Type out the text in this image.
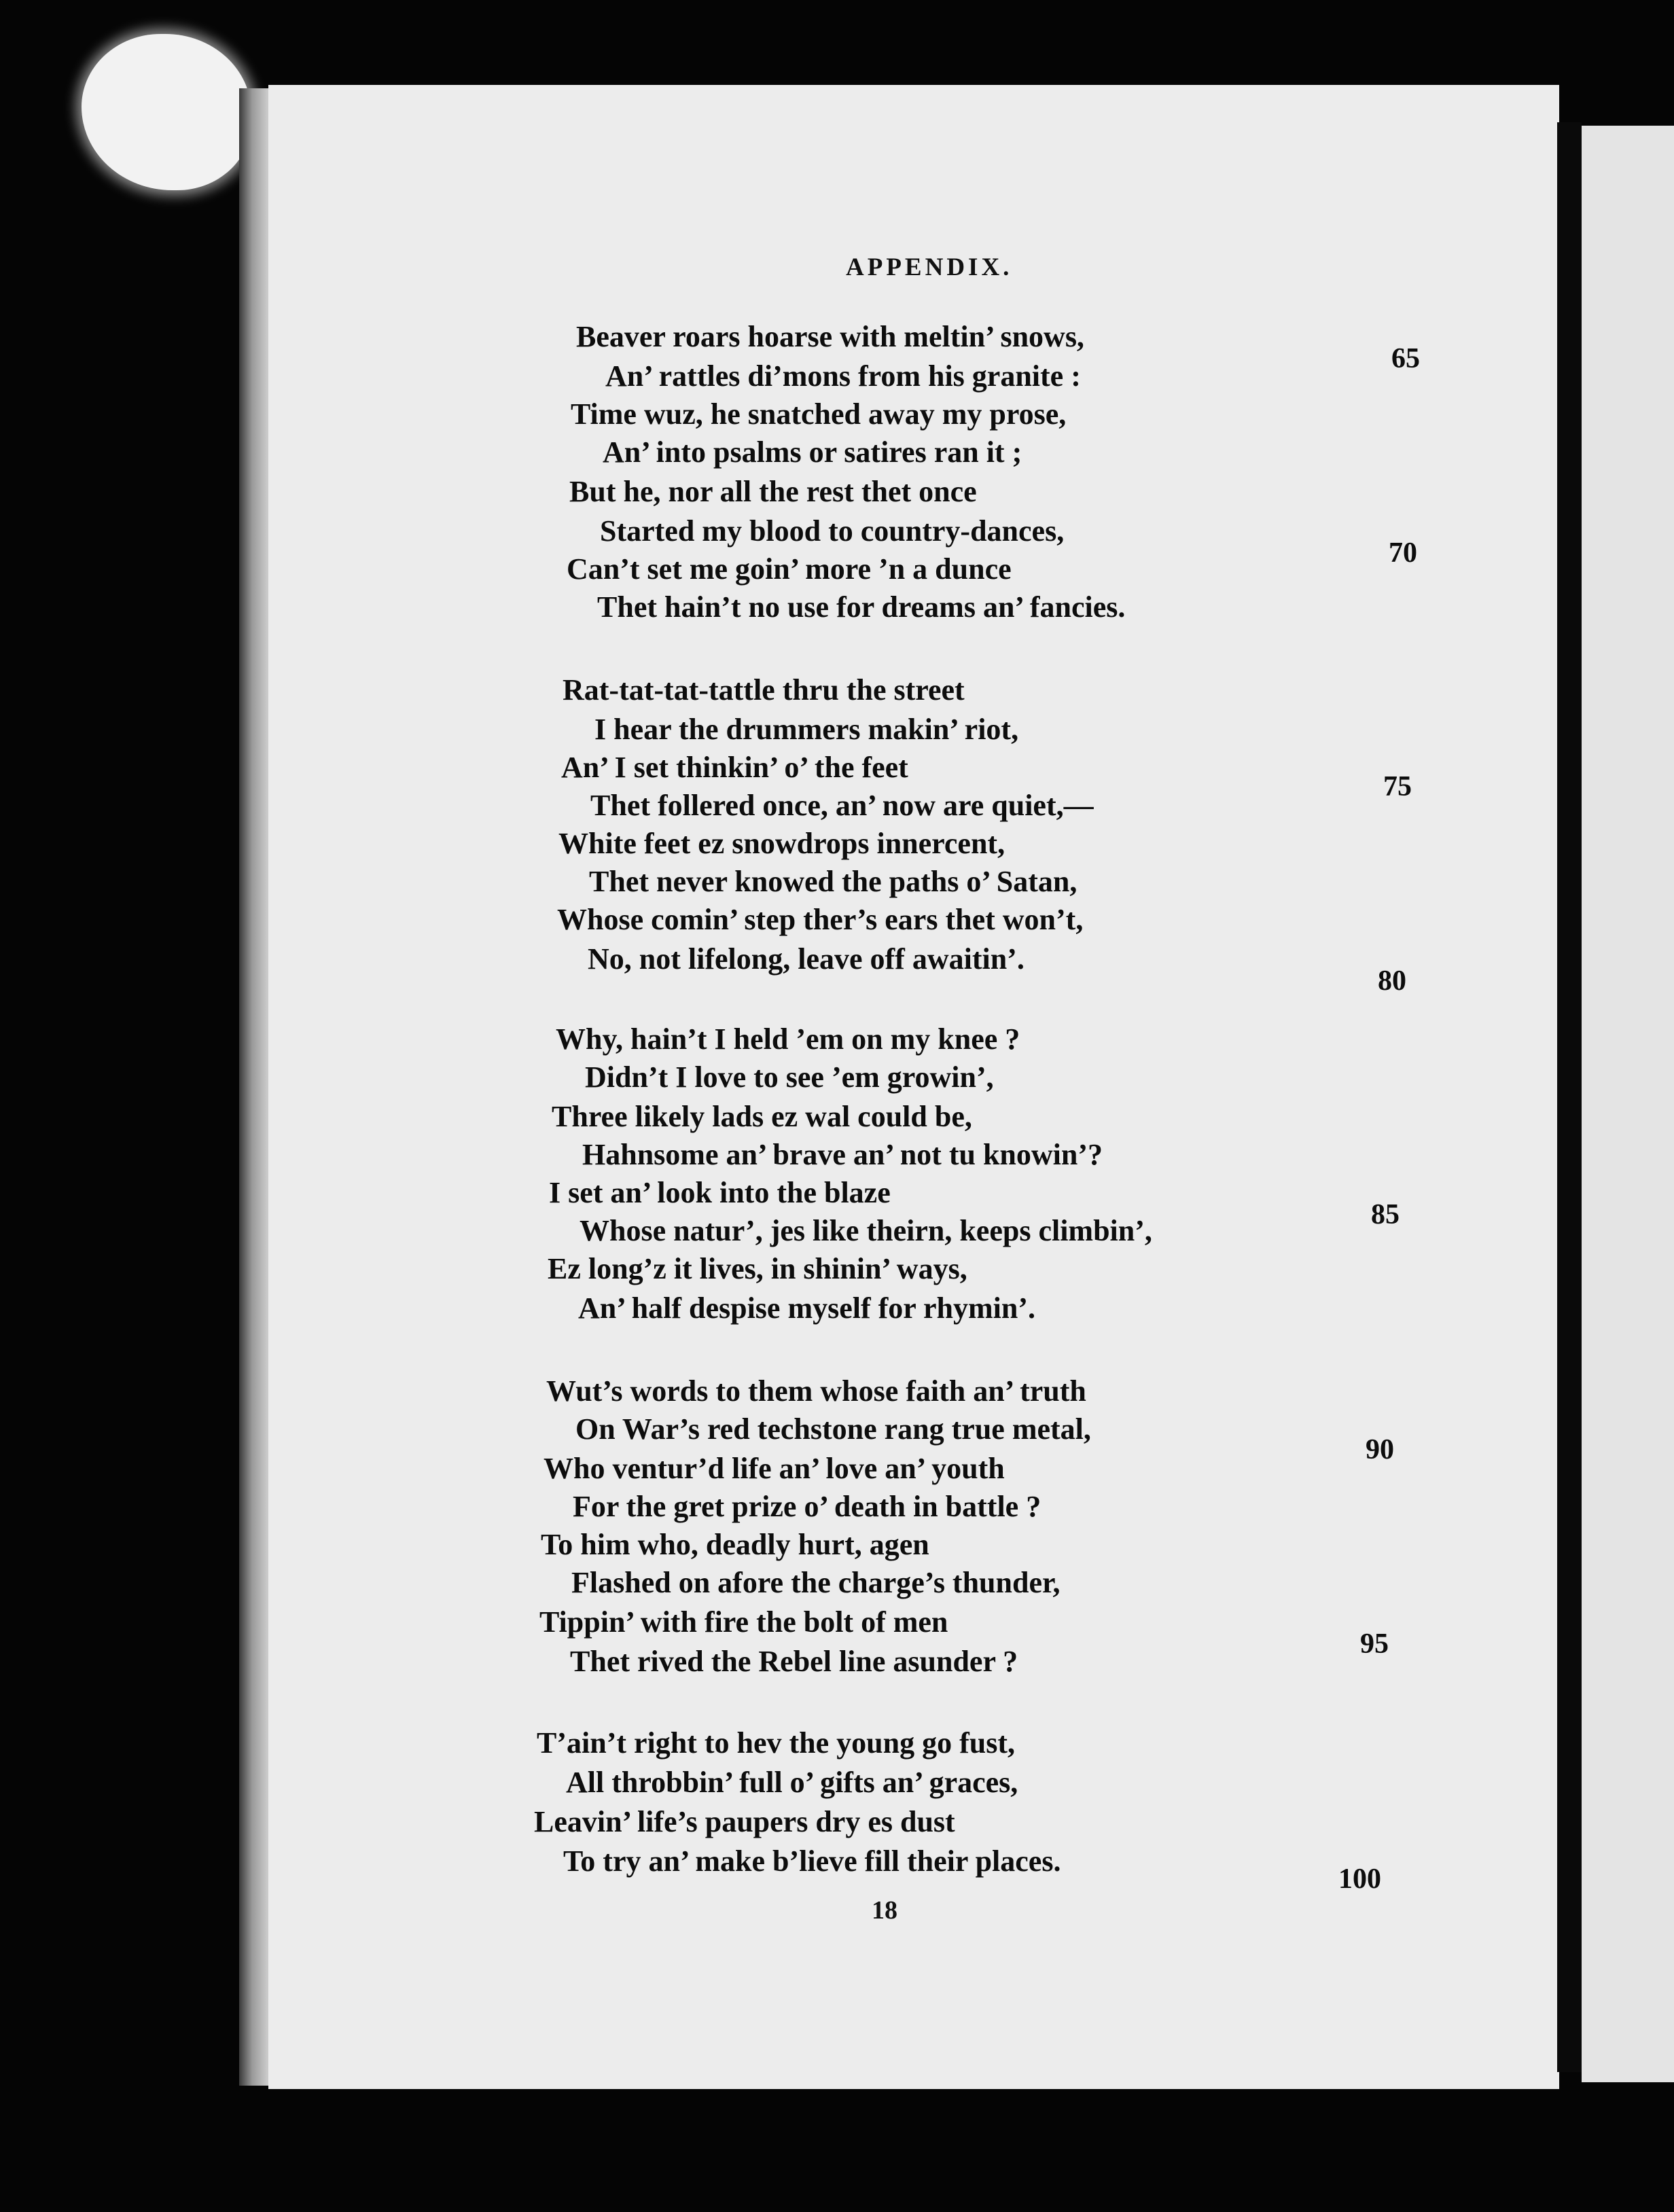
APPENDIX.
Beaver roars hoarse with meltin’ snows,
An’ rattles di’mons from his granite :
Time wuz, he snatched away my prose,
An’ into psalms or satires ran it ;
But he, nor all the rest thet once
Started my blood to country-dances,
Can’t set me goin’ more ’n a dunce
Thet hain’t no use for dreams an’ fancies.
Rat-tat-tat-tattle thru the street
I hear the drummers makin’ riot,
An’ I set thinkin’ o’ the feet
Thet follered once, an’ now are quiet,—
White feet ez snowdrops innercent,
Thet never knowed the paths o’ Satan,
Whose comin’ step ther’s ears thet won’t,
No, not lifelong, leave off awaitin’.
Why, hain’t I held ’em on my knee ?
Didn’t I love to see ’em growin’,
Three likely lads ez wal could be,
Hahnsome an’ brave an’ not tu knowin’?
I set an’ look into the blaze
Whose natur’, jes like theirn, keeps climbin’,
Ez long’z it lives, in shinin’ ways,
An’ half despise myself for rhymin’.
Wut’s words to them whose faith an’ truth
On War’s red techstone rang true metal,
Who ventur’d life an’ love an’ youth
For the gret prize o’ death in battle ?
To him who, deadly hurt, agen
Flashed on afore the charge’s thunder,
Tippin’ with fire the bolt of men
Thet rived the Rebel line asunder ?
T’ain’t right to hev the young go fust,
All throbbin’ full o’ gifts an’ graces,
Leavin’ life’s paupers dry es dust
To try an’ make b’lieve fill their places.
65
70
75
80
85
90
95
100
18
